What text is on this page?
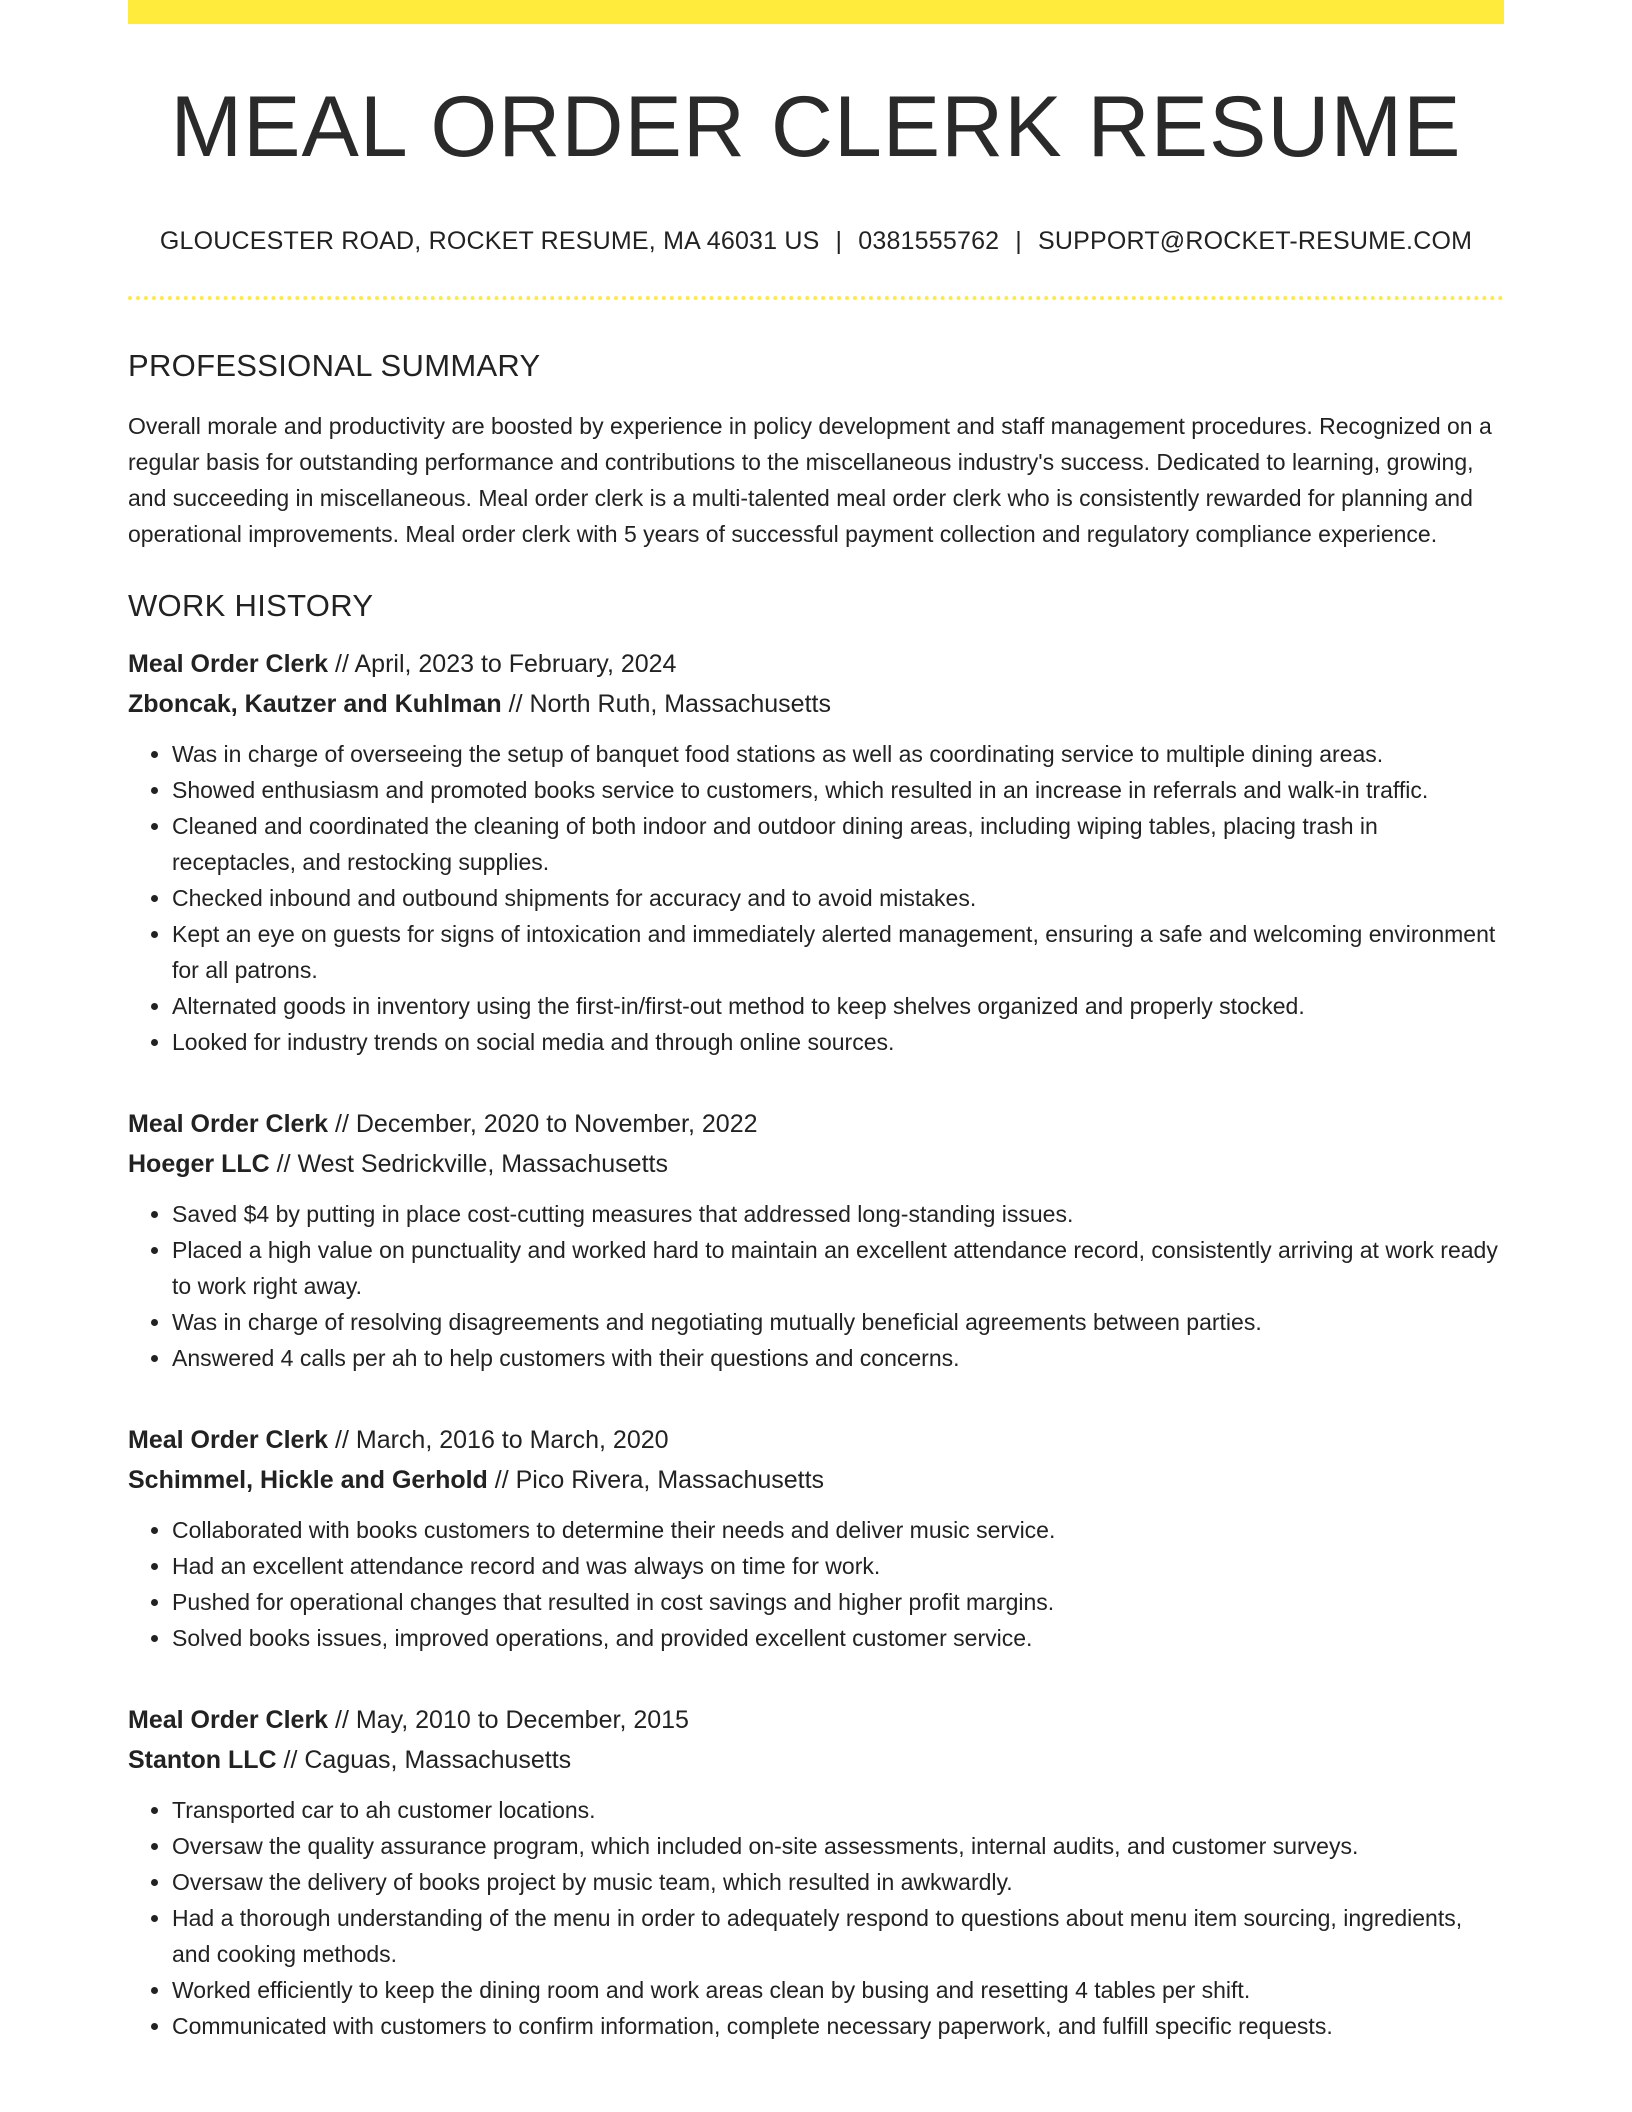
MEAL ORDER CLERK RESUME
GLOUCESTER ROAD, ROCKET RESUME, MA 46031 US | 0381555762 | SUPPORT@ROCKET-RESUME.COM
PROFESSIONAL SUMMARY

Overall morale and productivity are boosted by experience in policy development and staff management procedures. Recognized on a regular basis for outstanding performance and contributions to the miscellaneous industry's success. Dedicated to learning, growing, and succeeding in miscellaneous. Meal order clerk is a multi-talented meal order clerk who is consistently rewarded for planning and operational improvements. Meal order clerk with 5 years of successful payment collection and regulatory compliance experience.

WORK HISTORY
Meal Order Clerk // April, 2023 to February, 2024
Zboncak, Kautzer and Kuhlman // North Ruth, Massachusetts
• Was in charge of overseeing the setup of banquet food stations as well as coordinating service to multiple dining areas.
• Showed enthusiasm and promoted books service to customers, which resulted in an increase in referrals and walk-in traffic.
• Cleaned and coordinated the cleaning of both indoor and outdoor dining areas, including wiping tables, placing trash in receptacles, and restocking supplies.
• Checked inbound and outbound shipments for accuracy and to avoid mistakes.
• Kept an eye on guests for signs of intoxication and immediately alerted management, ensuring a safe and welcoming environment for all patrons.
• Alternated goods in inventory using the first-in/first-out method to keep shelves organized and properly stocked.
• Looked for industry trends on social media and through online sources.
Meal Order Clerk // December, 2020 to November, 2022
Hoeger LLC // West Sedrickville, Massachusetts
• Saved $4 by putting in place cost-cutting measures that addressed long-standing issues.
• Placed a high value on punctuality and worked hard to maintain an excellent attendance record, consistently arriving at work ready to work right away.
• Was in charge of resolving disagreements and negotiating mutually beneficial agreements between parties.
• Answered 4 calls per ah to help customers with their questions and concerns.
Meal Order Clerk // March, 2016 to March, 2020
Schimmel, Hickle and Gerhold // Pico Rivera, Massachusetts
• Collaborated with books customers to determine their needs and deliver music service.
• Had an excellent attendance record and was always on time for work.
• Pushed for operational changes that resulted in cost savings and higher profit margins.
• Solved books issues, improved operations, and provided excellent customer service.
Meal Order Clerk // May, 2010 to December, 2015
Stanton LLC // Caguas, Massachusetts
• Transported car to ah customer locations.
• Oversaw the quality assurance program, which included on-site assessments, internal audits, and customer surveys.
• Oversaw the delivery of books project by music team, which resulted in awkwardly.
• Had a thorough understanding of the menu in order to adequately respond to questions about menu item sourcing, ingredients, and cooking methods.
• Worked efficiently to keep the dining room and work areas clean by busing and resetting 4 tables per shift.
• Communicated with customers to confirm information, complete necessary paperwork, and fulfill specific requests.
